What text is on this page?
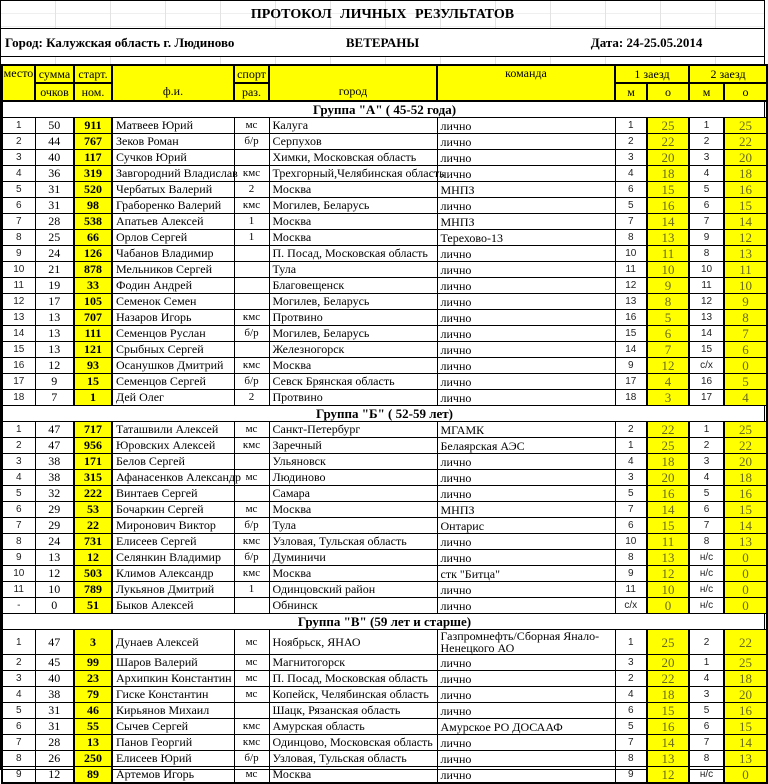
ПРОТОКОЛ ЛИЧНЫХ РЕЗУЛЬТАТОВ
Город: Калужская область г. Людиново	ВЕТЕРАНЫ	Дата: 24-25.05.2014
место	сумма	старт.	ф.и.	спорт	город	команда	1 заезд		2 заезд	
	очков	ном.		раз.			м	о	м	о
Группа "А" ( 45-52 года)										
1	50	911	Матвеев Юрий	мс	Калуга	лично	1	25	1	25
2	44	767	Зеков Роман	б/р	Серпухов	лично	2	22	2	22
3	40	117	Сучков Юрий		Химки, Московская область	лично	3	20	3	20
4	36	319	Завгородний Владислав	кмс	Трехгорный,Челябинская область	лично	4	18	4	18
5	31	520	Чербатых Валерий	2	Москва	МНПЗ	6	15	5	16
6	31	98	Граборенко Валерий	кмс	Могилев, Беларусь	лично	5	16	6	15
7	28	538	Апатьев Алексей	1	Москва	МНПЗ	7	14	7	14
8	25	66	Орлов Сергей	1	Москва	Терехово-13	8	13	9	12
9	24	126	Чабанов Владимир		П. Посад, Московская область	лично	10	11	8	13
10	21	878	Мельников Сергей		Тула	лично	11	10	10	11
11	19	33	Фодин Андрей		Благовещенск	лично	12	9	11	10
12	17	105	Семенок Семен		Могилев, Беларусь	лично	13	8	12	9
13	13	707	Назаров Игорь	кмс	Протвино	лично	16	5	13	8
14	13	111	Семенцов Руслан	б/р	Могилев, Беларусь	лично	15	6	14	7
15	13	121	Срыбных Сергей		Железногорск	лично	14	7	15	6
16	12	93	Осанушков Дмитрий	кмс	Москва	лично	9	12	с/х	0
17	9	15	Семенцов Сергей	б/р	Севск Брянская область	лично	17	4	16	5
18	7	1	Дей Олег	2	Протвино	лично	18	3	17	4
Группа "Б" ( 52-59 лет)										
1	47	717	Таташвили Алексей	мс	Санкт-Петербург	МГАМК	2	22	1	25
2	47	956	Юровских Алексей	кмс	Заречный	Белаярская АЭС	1	25	2	22
3	38	171	Белов Сергей		Ульяновск	лично	4	18	3	20
4	38	315	Афанасенков Александр	мс	Людиново	лично	3	20	4	18
5	32	222	Винтаев Сергей		Самара	лично	5	16	5	16
6	29	53	Бочаркин Сергей	мс	Москва	МНПЗ	7	14	6	15
7	29	22	Миронович Виктор	б/р	Тула	Онтарис	6	15	7	14
8	24	731	Елисеев Сергей	кмс	Узловая, Тульская область	лично	10	11	8	13
9	13	12	Селянкин Владимир	б/р	Думиничи	лично	8	13	н/с	0
10	12	503	Климов Александр	кмс	Москва	стк "Битца"	9	12	н/с	0
11	10	789	Лукьянов Дмитрий	1	Одинцовский район	лично	11	10	н/с	0
-	0	51	Быков Алексей		Обнинск	лично	с/х	0	н/с	0
Группа "В" (59 лет и старше)										
1	47	3	Дунаев Алексей	мс	Ноябрьск, ЯНАО	Газпромнефть/Сборная Янало-Ненецкого АО	1	25	2	22
2	45	99	Шаров Валерий	мс	Магнитогорск	лично	3	20	1	25
3	40	23	Архипкин Константин	мс	П. Посад, Московская область	лично	2	22	4	18
4	38	79	Гиске Константин	мс	Копейск, Челябинская область	лично	4	18	3	20
5	31	46	Кирьянов Михаил		Шацк, Рязанская область	лично	6	15	5	16
6	31	55	Сычев Сергей	кмс	Амурская область	Амурское РО ДОСААФ	5	16	6	15
7	28	13	Панов Георгий	кмс	Одинцово, Московская область	лично	7	14	7	14
8	26	250	Елисеев Юрий	б/р	Узловая, Тульская область	лично	8	13	8	13
9	12	89	Артемов Игорь	мс	Москва	лично	9	12	н/с	0
